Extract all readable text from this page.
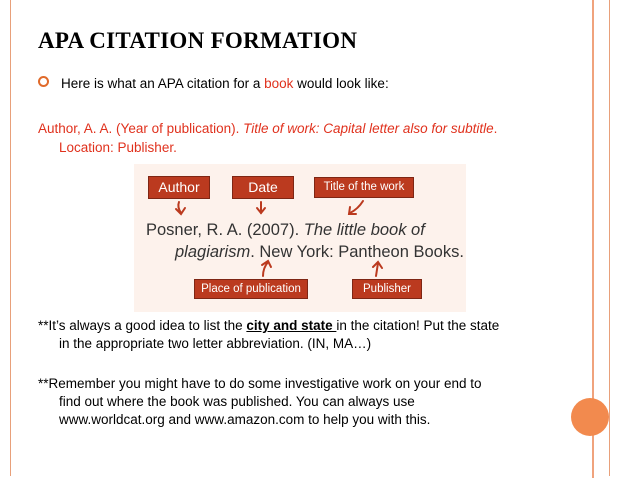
APA CITATION FORMATION
Here is what an APA citation for a book would look like:
Author, A. A. (Year of publication). Title of work: Capital letter also for subtitle.
Location: Publisher.
Author	Date	Title of the work
Posner, R. A. (2007). The little book of
plagiarism. New York: Pantheon Books.
Place of publication	Publisher
**It’s always a good idea to list the city and state in the citation! Put the state
in the appropriate two letter abbreviation. (IN, MA…)
**Remember you might have to do some investigative work on your end to
find out where the book was published. You can always use
www.worldcat.org and www.amazon.com to help you with this.
